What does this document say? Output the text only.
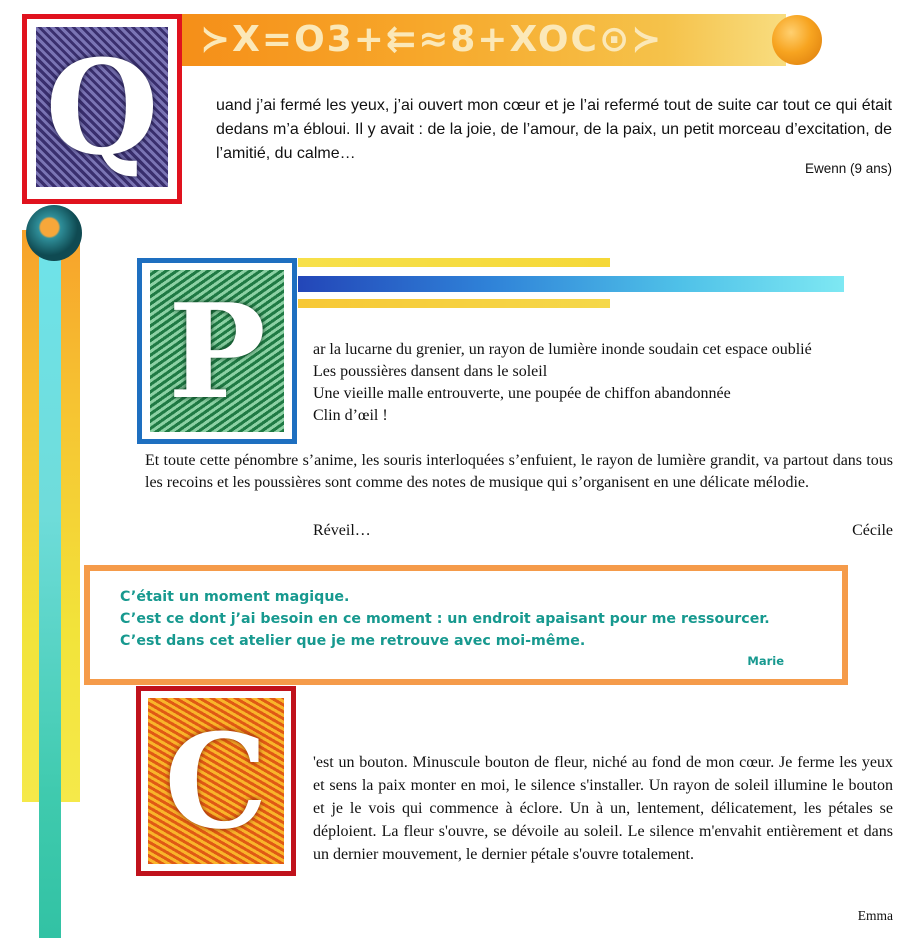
≻X=O3+⇇≈8+XOC⊙≻
Q	uand j’ai fermé les yeux, j’ai ouvert mon cœur et je l’ai refermé tout de suite car tout ce qui était dedans m’a ébloui. Il y avait : de la joie, de l’amour, de la paix, un petit morceau d’excitation, de l’amitié, du calme…
Ewenn (9 ans)
P	ar la lucarne du grenier, un rayon de lumière inonde soudain cet espace oublié

Les poussières dansent dans le soleil

Une vieille malle entrouverte, une poupée de chiffon abandonnée

Clin d’œil !

Et toute cette pénombre s’anime, les souris interloquées s’enfuient, le rayon de lumière grandit, va partout dans tous les recoins et les poussières sont comme des notes de musique qui s’organisent en une délicate mélodie.

Réveil…	Cécile
C’était un moment magique.
C’est ce dont j’ai besoin en ce moment : un endroit apaisant pour me ressourcer.
C’est dans cet atelier que je me retrouve avec moi-même.
Marie
C	'est un bouton. Minuscule bouton de fleur, niché au fond de mon cœur. Je ferme les yeux et sens la paix monter en moi, le silence s'installer. Un rayon de soleil illumine le bouton et je le vois qui commence à éclore. Un à un, lentement, délicatement, les pétales se déploient. La fleur s'ouvre, se dévoile au soleil. Le silence m'envahit entièrement et dans un dernier mouvement, le dernier pétale s'ouvre totalement.
Emma
